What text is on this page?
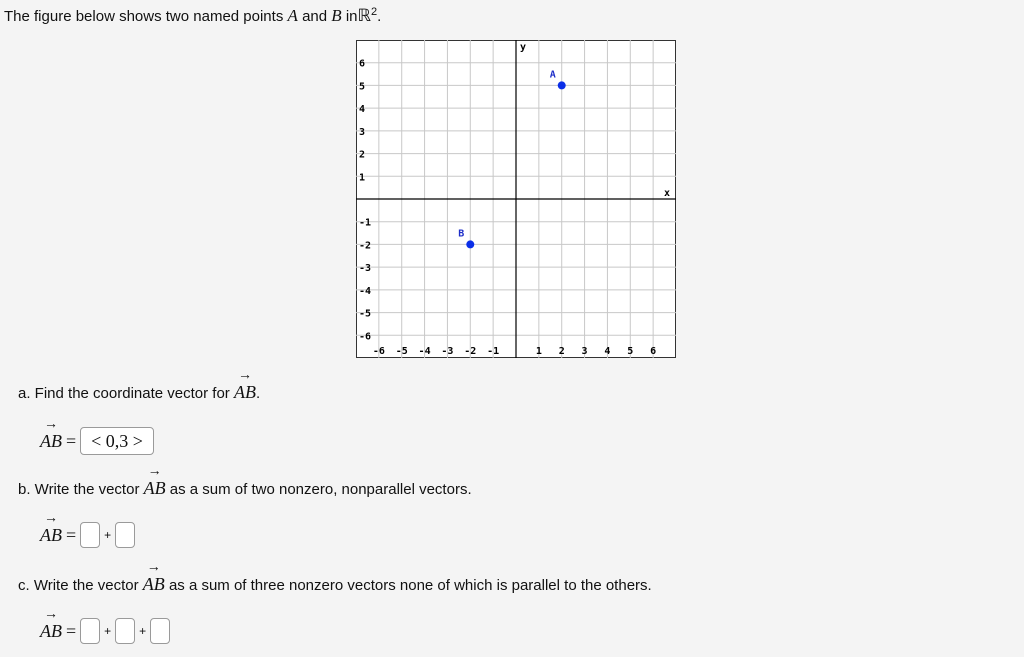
The figure below shows two named points A and B inℝ$^2$.
-6 -5 -4 -3 -2 -1	1 2 3 4 5 6
6
5
4
3
2
1
-1
-2
-3
-4
-5
-6
y
x
A
B
a. Find the coordinate vector for
→
AB.
→
AB = < 0,3 >
b. Write the vector
→
AB as a sum of two nonzero, nonparallel vectors.
→
AB = +
c. Write the vector
→
AB as a sum of three nonzero vectors none of which is parallel to the others.
→
AB = + +
